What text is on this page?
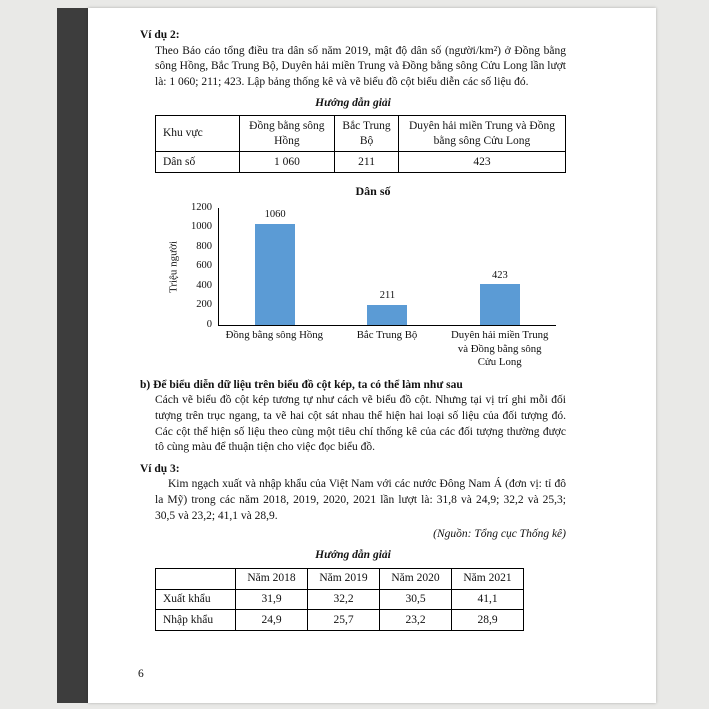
Ví dụ 2:

Theo Báo cáo tổng điều tra dân số năm 2019, mật độ dân số (người/km²) ở Đồng bằng sông Hồng, Bắc Trung Bộ, Duyên hải miền Trung và Đồng bằng sông Cửu Long lần lượt là: 1 060; 211; 423. Lập bảng thống kê và vẽ biểu đồ cột biểu diễn các số liệu đó.

Hướng dẫn giải

Khu vực	Đồng bằng sông Hồng	Bắc Trung Bộ	Duyên hải miền Trung và Đồng bằng sông Cửu Long
Dân số	1 060	211	423
Dân số
Triệu người
0
200
400
600
800
1000
1200
1060
211
423
Đồng bằng sông Hồng	Bắc Trung Bộ	Duyên hải miền Trung và Đồng bằng sông Cửu Long

b) Để biểu diễn dữ liệu trên biểu đồ cột kép, ta có thể làm như sau

Cách vẽ biểu đồ cột kép tương tự như cách vẽ biểu đồ cột. Nhưng tại vị trí ghi mỗi đối tượng trên trục ngang, ta vẽ hai cột sát nhau thể hiện hai loại số liệu của đối tượng đó. Các cột thể hiện số liệu theo cùng một tiêu chí thống kê của các đối tượng thường được tô cùng màu để thuận tiện cho việc đọc biểu đồ.

Ví dụ 3:

Kim ngạch xuất và nhập khẩu của Việt Nam với các nước Đông Nam Á (đơn vị: tỉ đô la Mỹ) trong các năm 2018, 2019, 2020, 2021 lần lượt là: 31,8 và 24,9; 32,2 và 25,3; 30,5 và 23,2; 41,1 và 28,9.

(Nguồn: Tổng cục Thống kê)

Hướng dẫn giải

	Năm 2018	Năm 2019	Năm 2020	Năm 2021
Xuất khẩu	31,9	32,2	30,5	41,1
Nhập khẩu	24,9	25,7	23,2	28,9
6
